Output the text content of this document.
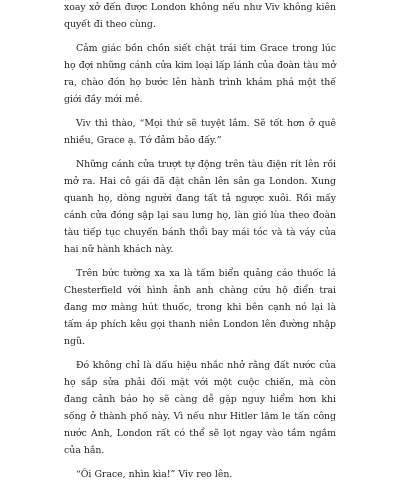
xoay xở đến được London không nếu như Viv không kiên quyết đi theo cùng.

Cảm giác bồn chồn siết chặt trái tim Grace trong lúc họ đợi những cánh cửa kim loại lấp lánh của đoàn tàu mở ra, chào đón họ bước lên hành trình khám phá một thế giới đầy mới mẻ.

Viv thì thào, “Mọi thứ sẽ tuyệt lắm. Sẽ tốt hơn ở quê nhiều, Grace ạ. Tớ đảm bảo đấy.”

Những cánh cửa trượt tự động trên tàu điện rít lên rồi mở ra. Hai cô gái đã đặt chân lên sân ga London. Xung quanh họ, dòng người đang tất tả ngược xuôi. Rồi mấy cánh cửa đóng sập lại sau lưng họ, làn gió lùa theo đoàn tàu tiếp tục chuyến bánh thổi bay mái tóc và tà váy của hai nữ hành khách này.

Trên bức tường xa xa là tấm biển quảng cáo thuốc lá Chesterfield với hình ảnh anh chàng cứu hộ điển trai đang mơ màng hút thuốc, trong khi bên cạnh nó lại là tấm áp phích kêu gọi thanh niên London lên đường nhập ngũ.

Đó không chỉ là dấu hiệu nhắc nhở rằng đất nước của họ sắp sửa phải đối mặt với một cuộc chiến, mà còn đang cảnh báo họ sẽ càng dễ gặp nguy hiểm hơn khi sống ở thành phố này. Vì nếu như Hitler lăm le tấn công nước Anh, London rất có thể sẽ lọt ngay vào tầm ngắm của hắn.

“Ôi Grace, nhìn kìa!” Viv reo lên.
